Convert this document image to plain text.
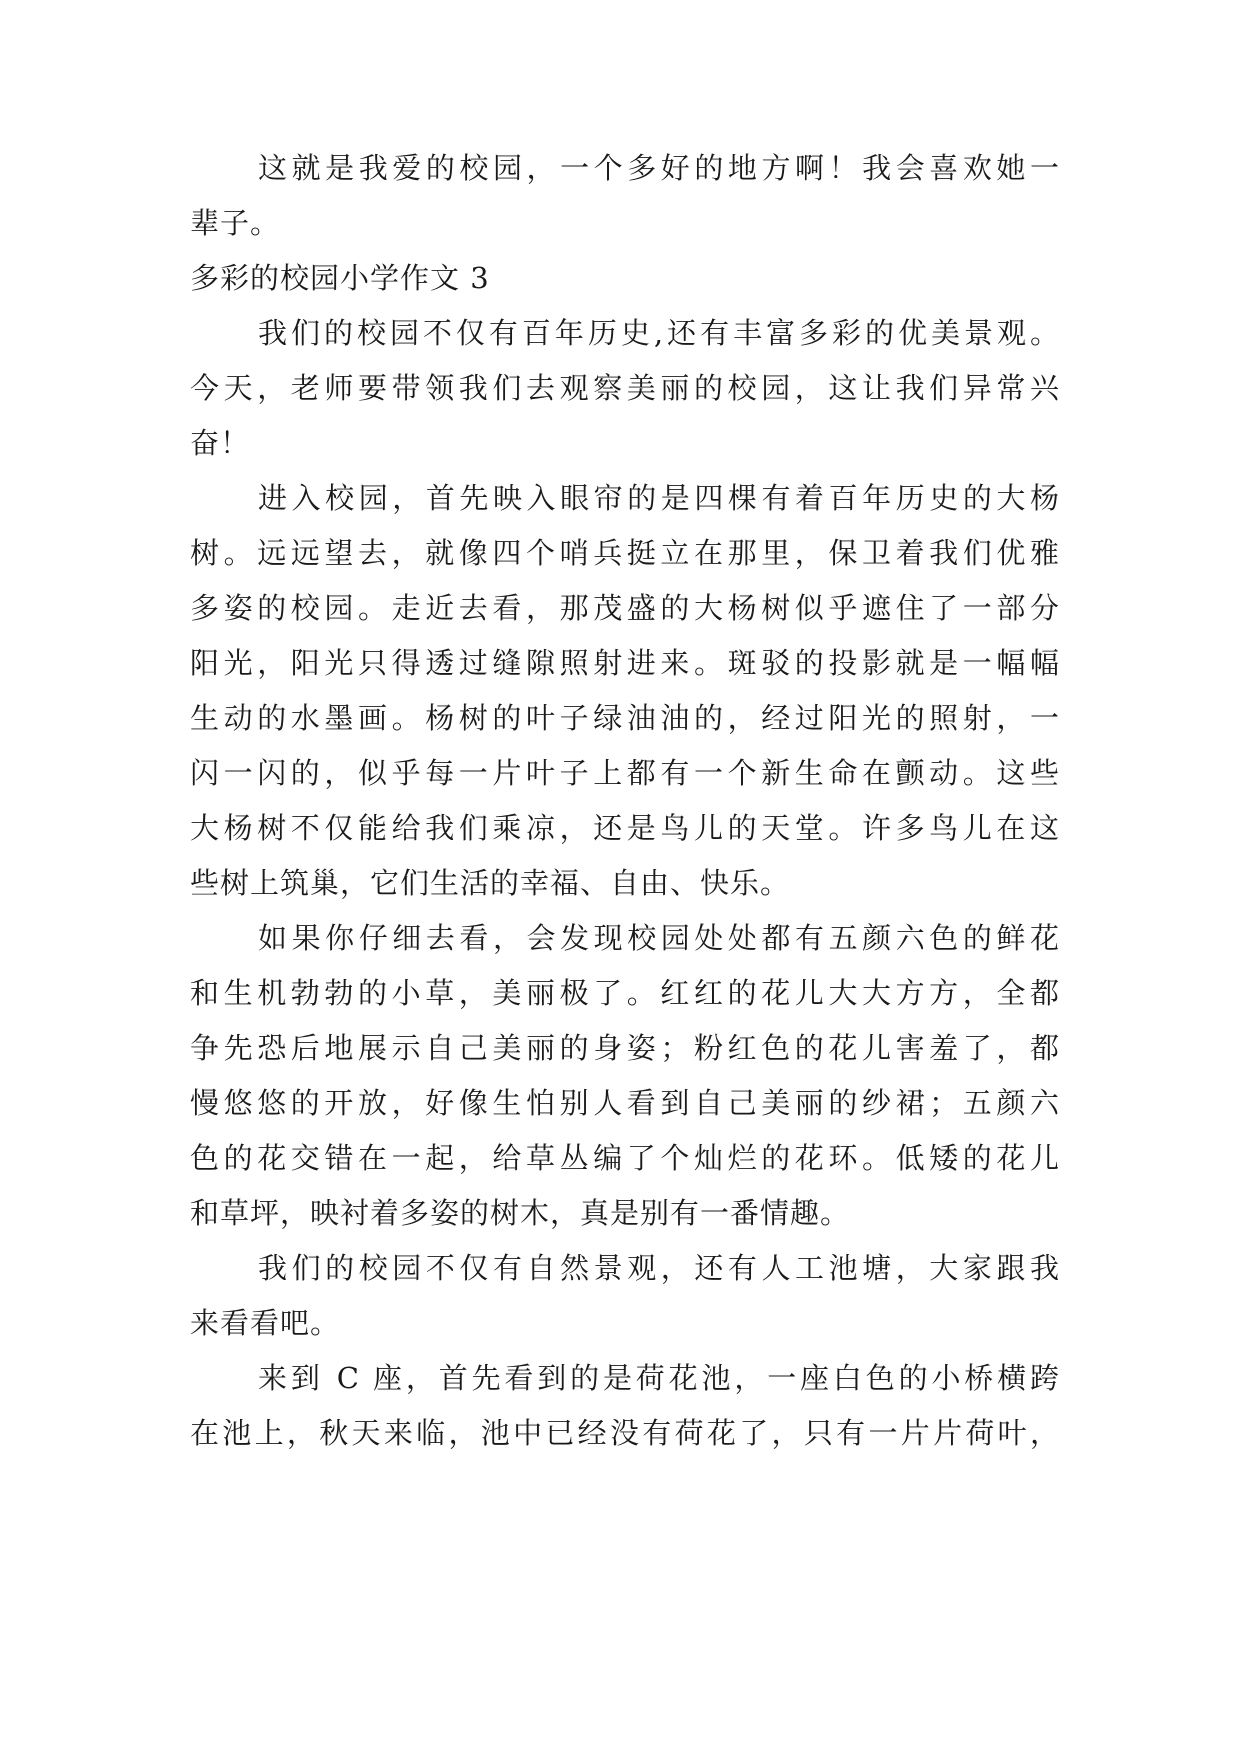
这就是我爱的校园，一个多好的地方啊！我会喜欢她一
辈子。
多彩的校园小学作文 3
我们的校园不仅有百年历史,还有丰富多彩的优美景观。
今天，老师要带领我们去观察美丽的校园，这让我们异常兴
奋！
进入校园，首先映入眼帘的是四棵有着百年历史的大杨
树。远远望去，就像四个哨兵挺立在那里，保卫着我们优雅
多姿的校园。走近去看，那茂盛的大杨树似乎遮住了一部分
阳光，阳光只得透过缝隙照射进来。斑驳的投影就是一幅幅
生动的水墨画。杨树的叶子绿油油的，经过阳光的照射，一
闪一闪的，似乎每一片叶子上都有一个新生命在颤动。这些
大杨树不仅能给我们乘凉，还是鸟儿的天堂。许多鸟儿在这
些树上筑巢，它们生活的幸福、自由、快乐。
如果你仔细去看，会发现校园处处都有五颜六色的鲜花
和生机勃勃的小草，美丽极了。红红的花儿大大方方，全都
争先恐后地展示自己美丽的身姿；粉红色的花儿害羞了，都
慢悠悠的开放，好像生怕别人看到自己美丽的纱裙；五颜六
色的花交错在一起，给草丛编了个灿烂的花环。低矮的花儿
和草坪，映衬着多姿的树木，真是别有一番情趣。
我们的校园不仅有自然景观，还有人工池塘，大家跟我
来看看吧。
来到 C 座，首先看到的是荷花池，一座白色的小桥横跨
在池上，秋天来临，池中已经没有荷花了，只有一片片荷叶，
